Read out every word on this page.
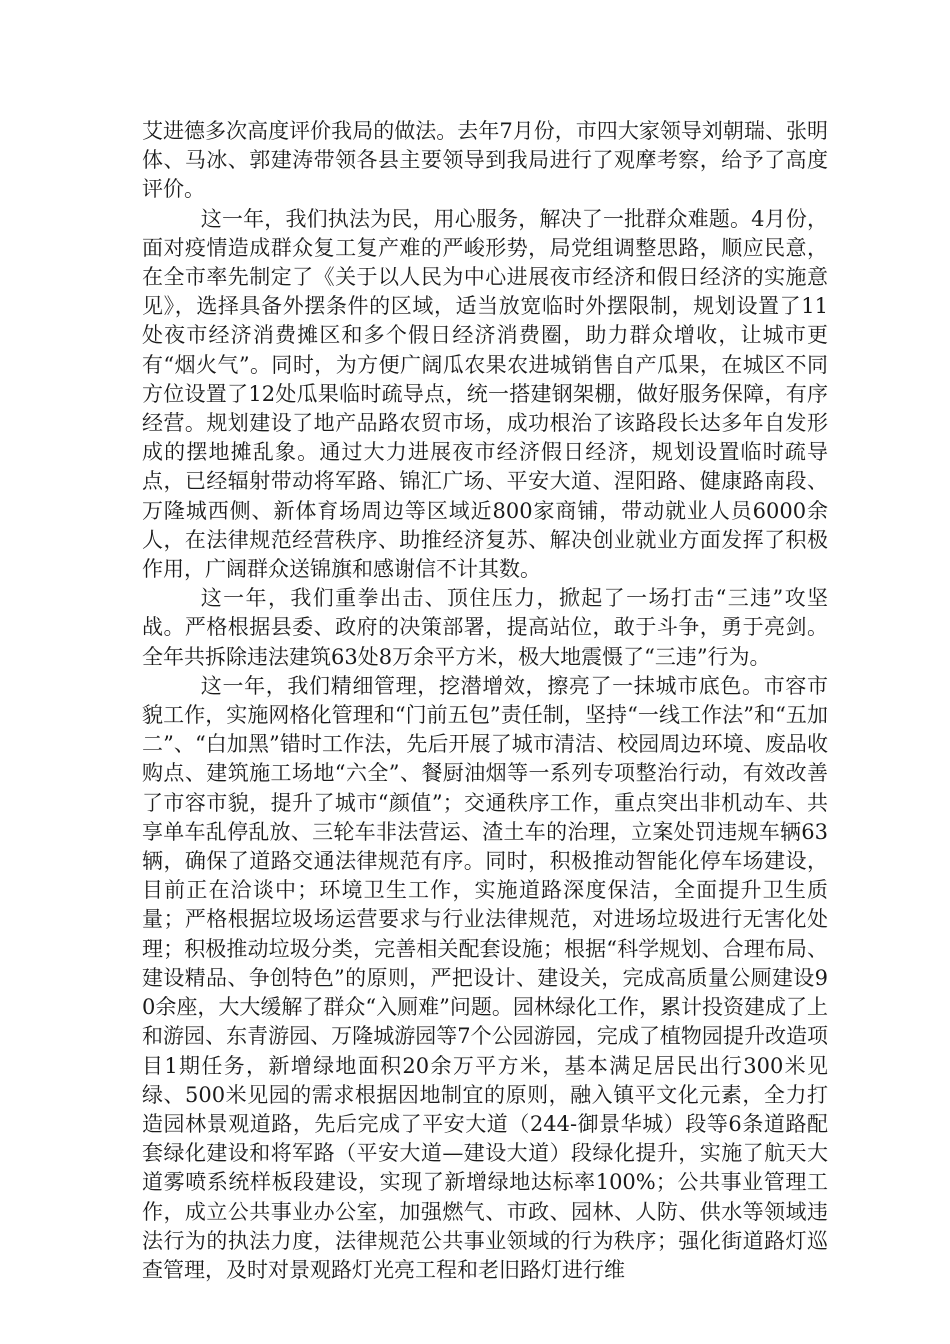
艾进德多次高度评价我局的做法。去年7月份，市四大家领导刘朝瑞、张明体、马冰、郭建涛带领各县主要领导到我局进行了观摩考察，给予了高度评价。

这一年，我们执法为民，用心服务，解决了一批群众难题。4月份，面对疫情造成群众复工复产难的严峻形势，局党组调整思路，顺应民意，在全市率先制定了《关于以人民为中心进展夜市经济和假日经济的实施意见》，选择具备外摆条件的区域，适当放宽临时外摆限制，规划设置了11处夜市经济消费摊区和多个假日经济消费圈，助力群众增收，让城市更有“烟火气”。同时，为方便广阔瓜农果农进城销售自产瓜果，在城区不同方位设置了12处瓜果临时疏导点，统一搭建钢架棚，做好服务保障，有序经营。规划建设了地产品路农贸市场，成功根治了该路段长达多年自发形成的摆地摊乱象。通过大力进展夜市经济假日经济，规划设置临时疏导点，已经辐射带动将军路、锦汇广场、平安大道、涅阳路、健康路南段、万隆城西侧、新体育场周边等区域近800家商铺，带动就业人员6000余人，在法律规范经营秩序、助推经济复苏、解决创业就业方面发挥了积极作用，广阔群众送锦旗和感谢信不计其数。

这一年，我们重拳出击、顶住压力，掀起了一场打击“三违”攻坚战。严格根据县委、政府的决策部署，提高站位，敢于斗争，勇于亮剑。全年共拆除违法建筑63处8万余平方米，极大地震慑了“三违”行为。

这一年，我们精细管理，挖潜增效，擦亮了一抹城市底色。市容市貌工作，实施网格化管理和“门前五包”责任制，坚持“一线工作法”和“五加二”、“白加黑”错时工作法，先后开展了城市清洁、校园周边环境、废品收购点、建筑施工场地“六全”、餐厨油烟等一系列专项整治行动，有效改善了市容市貌，提升了城市“颜值”；交通秩序工作，重点突出非机动车、共享单车乱停乱放、三轮车非法营运、渣土车的治理，立案处罚违规车辆63辆，确保了道路交通法律规范有序。同时，积极推动智能化停车场建设，目前正在洽谈中；环境卫生工作，实施道路深度保洁，全面提升卫生质量；严格根据垃圾场运营要求与行业法律规范，对进场垃圾进行无害化处理；积极推动垃圾分类，完善相关配套设施；根据“科学规划、合理布局、建设精品、争创特色”的原则，严把设计、建设关，完成高质量公厕建设90余座，大大缓解了群众“入厕难”问题。园林绿化工作，累计投资建成了上和游园、东青游园、万隆城游园等7个公园游园，完成了植物园提升改造项目1期任务，新增绿地面积20余万平方米，基本满足居民出行300米见绿、500米见园的需求根据因地制宜的原则，融入镇平文化元素，全力打造园林景观道路，先后完成了平安大道（244-御景华城）段等6条道路配套绿化建设和将军路（平安大道—建设大道）段绿化提升，实施了航天大道雾喷系统样板段建设，实现了新增绿地达标率100%；公共事业管理工作，成立公共事业办公室，加强燃气、市政、园林、人防、供水等领域违法行为的执法力度，法律规范公共事业领域的行为秩序；强化街道路灯巡查管理，及时对景观路灯光亮工程和老旧路灯进行维
